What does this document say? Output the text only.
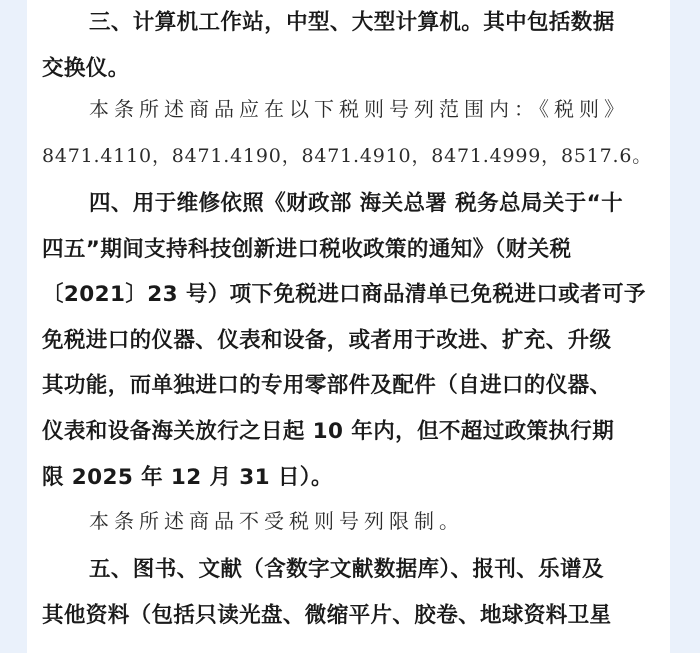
三、计算机工作站，中型、大型计算机。其中包括数据
交换仪。
本条所述商品应在以下税则号列范围内：《税则》
8471.4110，8471.4190，8471.4910，8471.4999，8517.6。
四、用于维修依照《财政部 海关总署 税务总局关于“十
四五”期间支持科技创新进口税收政策的通知》（财关税
〔2021〕23 号）项下免税进口商品清单已免税进口或者可予
免税进口的仪器、仪表和设备，或者用于改进、扩充、升级
其功能，而单独进口的专用零部件及配件（自进口的仪器、
仪表和设备海关放行之日起 10 年内，但不超过政策执行期
限 2025 年 12 月 31 日）。
本条所述商品不受税则号列限制。
五、图书、文献（含数字文献数据库）、报刊、乐谱及
其他资料（包括只读光盘、微缩平片、胶卷、地球资料卫星
